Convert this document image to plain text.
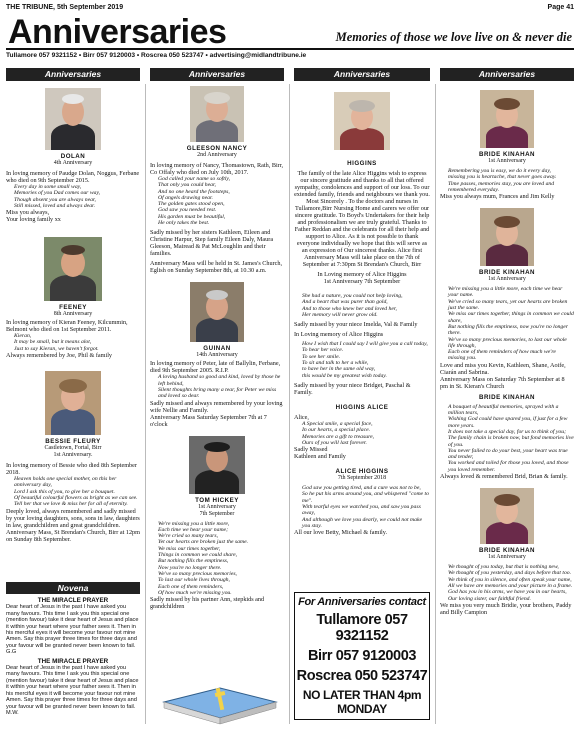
THE TRIBUNE, 5th September 2019	Page 41
Anniversaries	Memories of those we love live on & never die
Tullamore 057 9321152 • Birr 057 9120003 • Roscrea 050 523747 • advertising@midlandtribune.ie
Anniversaries	Anniversaries	Anniversaries	Anniversaries
DOLAN
4th Anniversary

In loving memory of Paudge Dolan, Noggus, Ferbane who died on 9th September 2015.

Every day in some small way,
Memories of you Dad comes our way,
Though absent you are always near,
Still missed, loved and always dear.
Miss you always,
Your loving family xx
FEENEY
8th Anniversary

In loving memory of Kieran Feeney, Kilcummin, Belmont who died on 1st September 2011.

Kieran,
It may be small, but it means alot,
Just to say Kieran, we haven't forgot.
Always remembered by Joe, Phil & family
BESSIE FLEURY
Castletown, Fortal, Birr
1st Anniversary.

In loving memory of Bessie who died 8th September 2018.

Heaven holds one special mother, on this her anniversary day,
Lord I ask this of you, to give her a bouquet.
Of beautiful colourful flowers as bright as we can see.
Tell her that we love & miss her for all of eternity.
Deeply loved, always remembered and sadly missed by your loving daughters, sons, sons in law, daughters in law, grandchildren and great grandchildren.
Anniversary Mass, St Brendan's Church, Birr at 12pm on Sunday 8th September.
Novena
THE MIRACLE PRAYER
Dear heart of Jesus in the past I have asked you many favours. This time I ask you this special one (mention favour) take it dear heart of Jesus and place it within your heart where your father sees it. Then in his merciful eyes it will become your favour not mine Amen. Say this prayer three times for three days and your favour will be granted never been known to fail. G.G
THE MIRACLE PRAYER
Dear heart of Jesus in the past I have asked you many favours. This time I ask you this special one (mention favour) take it dear heart of Jesus and place it within your heart where your father sees it. Then in his merciful eyes it will become your favour not mine Amen. Say this prayer three times for three days and your favour will be granted never been known to fail. M.W.
GLEESON NANCY
2nd Anniversary

In loving memory of Nancy, Thomastown, Rath, Birr, Co Offaly who died on July 10th, 2017.

God called your name so softly,
That only you could hear,
And no one heard the footsteps,
Of angels drawing near.
The golden gates stood open,
God saw you needed rest.
His garden must be beautiful,
He only takes the best.

Sadly missed by her sisters Kathleen, Eileen and Christine Harpur, Step family Eileen Daly, Maura Gleeson, Mairead & Pat McLoughlin and their families.

Anniversary Mass will be held in St. James's Church, Eglish on Sunday September 8th, at 10.30 a.m.

GUINAN
14th Anniversary

In loving memory of Peter, late of Ballylin, Ferbane, died 9th September 2005. R.I.P.

A loving husband so good and kind, loved by those he left behind,
Silent thoughts bring many a tear, for Peter we miss and loved so dear.
Sadly missed and always remembered by your loving wife Nellie and Family.
Anniversary Mass Saturday September 7th at 7 o'clock
TOM HICKEY
1st Anniversary
7th September
We're missing you a little more,
Each time we hear your name;
We're cried so many tears,
Yet our hearts are broken just the same.
We miss our times together,
Things in common we could share,
But nothing fills the emptiness,
Now you're no longer there.
We've so many precious memories,
To last our whole lives through,
Each one of them reminders,
Of how much we're missing you.
Sadly missed by his partner Ann, stepkids and grandchildren
HIGGINS

The family of the late Alice Higgins wish to express our sincere gratitude and thanks to all that offered sympathy, condolences and support of our loss. To our extended family, friends and neighbours we thank you. Most Sincerely . To the doctors and nurses in Tullamore,Birr Nursing Home and carers we offer our sincere gratitude. To Boyd's Undertakers for their help and professionalism we are truly grateful. Thanks to Father Reddan and the celebrants for all their help and support to Alice. As it is not possible to thank everyone individually we hope that this will serve as an expression of Our sincerest thanks. Alice first Anniversary Mass will take place on the 7th of September at 7:30pm St Brendan's Church, Birr

In Loving memory of Alice Higgins

1st Anniversary 7th September
She had a nature, you could not help loving,
And a heart that was purer than gold,
And to those who knew her and loved her,
Her memory will never grow old.

Sadly missed by your niece Imelda, Val & Family

In Loving memory of Alice Higgins

How I wish that I could say I will give you a call today,
To hear her voice.
To see her smile.
To sit and talk to her a while,
to have her in the same old way,
this would be my greatest wish today.

Sadly missed by your niece Bridget, Paschal & Family.

HIGGINS ALICE

Alice,

A Special smile, a special face,
In our hearts, a special place.
Memories are a gift to treasure,
Ours of you will last forever.
Sadly Missed
Kathleen and Family
ALICE HIGGINS
7th September 2018
God saw you getting tired, and a cure was not to be,
So he put his arms around you, and whispered "come to me".
With tearful eyes we watched you, and saw you pass away,
And although we love you dearly, we could not make you stay.
All our love Betty, Michael & family.
For Anniversaries contact
Tullamore 057 9321152
Birr 057 9120003
Roscrea 050 523747
NO LATER THAN 4pm MONDAY
BRIDE KINAHAN
1st Anniversary
Remembering you is easy, we do it every day,
missing you is heartache, that never goes away.
Time passes, memories stay, you are loved and remembered everyday.
Miss you always mum, Frances and Jim Kelly
BRIDE KINAHAN
1st Anniversary
We're missing you a little more, each time we hear your name.
We've cried so many tears, yet our hearts are broken just the same.
We miss our times together, things in common we could share,
But nothing fills the emptiness, now you're no longer there.
We've so many precious memories, to last our whole life through,
Each one of them reminders of how much we're missing you.
Love and miss you Kevin, Kathleen, Shane, Aoife, Ciarán and Sabrina.
Anniversary Mass on Saturday 7th September at 8 pm in St. Kieran's Church
BRIDE KINAHAN
A bouquet of beautiful memories, sprayed with a million tears,
Wishing God could have spared you, if just for a few more years.
It does not take a special day, for us to think of you;
The family chain is broken now, but fond memories live of you.
You never failed to do your best, your heart was true and tender,
You worked and toiled for those you loved, and those you loved remember.
Always loved & remembered Brid, Brian & family.
BRIDE KINAHAN
1st Anniversary
We thought of you today, but that is nothing new,
We thought of you yesterday, and days before that too.
We think of you in silence, and often speak your name,
All we have are memories and your picture in a frame.
God has you in his arms, we have you in our hearts,
Our loving sister, our faithful friend.
We miss you very much Bridie, your brothers, Paddy and Billy Campion
